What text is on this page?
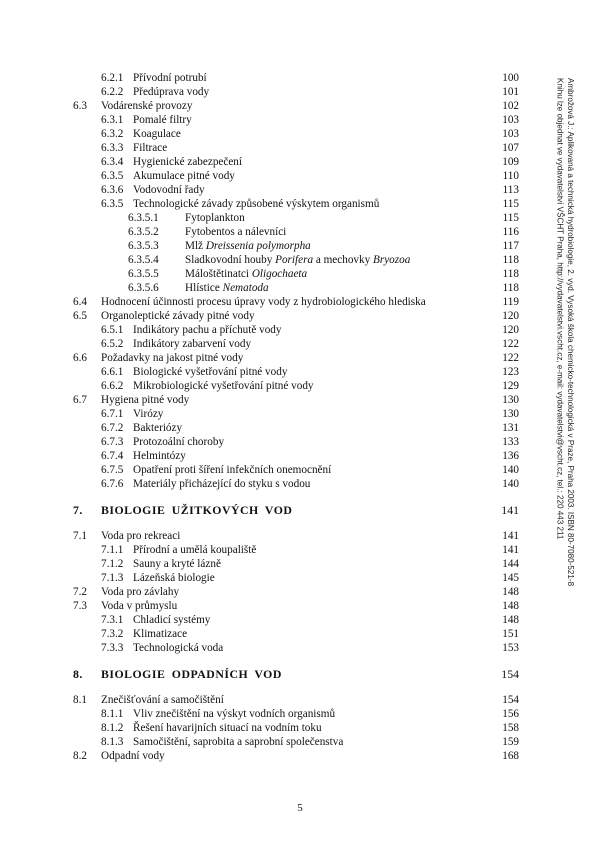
6.2.1 Přívodní potrubí	100
6.2.2 Předúprava vody	101
6.3 Vodárenské provozy	102
6.3.1 Pomalé filtry	103
6.3.2 Koagulace	103
6.3.3 Filtrace	107
6.3.4 Hygienické zabezpečení	109
6.3.5 Akumulace pitné vody	110
6.3.6 Vodovodní řady	113
6.3.5 Technologické závady způsobené výskytem organismů	115
6.3.5.1 Fytoplankton	115
6.3.5.2 Fytobentos a nálevníci	116
6.3.5.3 Mlž Dreissenia polymorpha	117
6.3.5.4 Sladkovodní houby Porifera a mechovky Bryozoa	118
6.3.5.5 Máloštětinatci Oligochaeta	118
6.3.5.6 Hlístice Nematoda	118
6.4 Hodnocení účinnosti procesu úpravy vody z hydrobiologického hlediska	119
6.5 Organoleptické závady pitné vody	120
6.5.1 Indikátory pachu a příchutě vody	120
6.5.2 Indikátory zabarvení vody	122
6.6 Požadavky na jakost pitné vody	122
6.6.1 Biologické vyšetřování pitné vody	123
6.6.2 Mikrobiologické vyšetřování pitné vody	129
6.7 Hygiena pitné vody	130
6.7.1 Virózy	130
6.7.2 Bakteriózy	131
6.7.3 Protozoální choroby	133
6.7.4 Helmintózy	136
6.7.5 Opatření proti šíření infekčních onemocnění	140
6.7.6 Materiály přicházející do styku s vodou	140
7. BIOLOGIE UŽITKOVÝCH VOD	141
7.1 Voda pro rekreaci	141
7.1.1 Přírodní a umělá koupaliště	141
7.1.2 Sauny a kryté lázně	144
7.1.3 Lázeňská biologie	145
7.2 Voda pro závlahy	148
7.3 Voda v průmyslu	148
7.3.1 Chladicí systémy	148
7.3.2 Klimatizace	151
7.3.3 Technologická voda	153
8. BIOLOGIE ODPADNÍCH VOD	154
8.1 Znečišťování a samočištění	154
8.1.1 Vliv znečištění na výskyt vodních organismů	156
8.1.2 Řešení havarijních situací na vodním toku	158
8.1.3 Samočištění, saprobita a saprobní společenstva	159
8.2 Odpadní vody	168
Ambrožová J.: Aplikovaná a technická hydrobiologie, 2. vyd. Vysoká škola chemicko-technologická v Praze, Praha 2003. ISBN 80-7080-521-8
Knihu lze objednat ve vydavatelství VŠCHT Praha, http://vydavatelstvi.vscht.cz, e-mail: vydavatelstvi@vscht.cz, tel.: 220 443 211
5
